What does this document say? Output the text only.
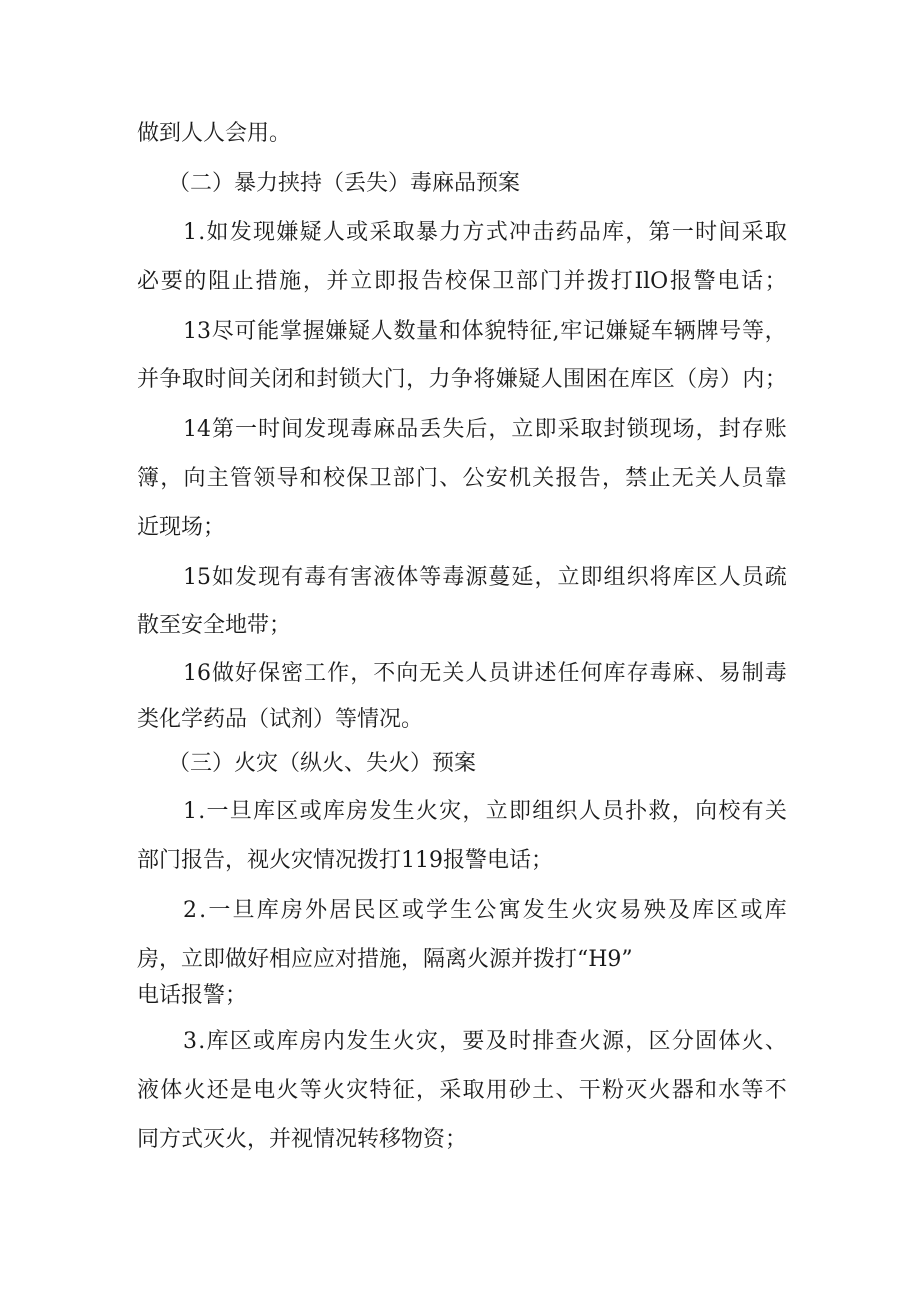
做到人人会用。

（二）暴力挟持（丢失）毒麻品预案

1 . 如 发 现 嫌 疑 人 或 采 取 暴 力 方 式 冲 击 药 品 库 ， 第 一 时 间 采 取

必 要 的 阻 止 措 施 ， 并 立 即 报 告 校 保 卫 部 门 并 拨 打 IlO 报 警 电 话 ；

13 尽 可 能 掌 握 嫌 疑 人 数 量 和 体 貌 特 征 , 牢 记 嫌 疑 车 辆 牌 号 等 ，

并 争 取 时 间 关 闭 和 封 锁 大 门 ， 力 争 将 嫌 疑 人 围 困 在 库 区 （ 房 ） 内 ；

14 第 一 时 间 发 现 毒 麻 品 丢 失 后 ， 立 即 采 取 封 锁 现 场 ， 封 存 账

簿 ， 向 主 管 领 导 和 校 保 卫 部 门 、 公 安 机 关 报 告 ， 禁 止 无 关 人 员 靠

近现场；

15 如 发 现 有 毒 有 害 液 体 等 毒 源 蔓 延 ， 立 即 组 织 将 库 区 人 员 疏

散至安全地带；

16 做 好 保 密 工 作 ， 不 向 无 关 人 员 讲 述 任 何 库 存 毒 麻 、 易 制 毒

类化学药品（试剂）等情况。

（三）火灾（纵火、失火）预案

1 . 一 旦 库 区 或 库 房 发 生 火 灾 ， 立 即 组 织 人 员 扑 救 ， 向 校 有 关

部门报告，视火灾情况拨打119报警电话；

2 . 一 旦 库 房 外 居 民 区 或 学 生 公 寓 发 生 火 灾 易 殃 及 库 区 或 库

房，立即做好相应应对措施，隔离火源并拨打“H9”

电话报警；

3 . 库 区 或 库 房 内 发 生 火 灾 ， 要 及 时 排 查 火 源 ， 区 分 固 体 火 、

液 体 火 还 是 电 火 等 火 灾 特 征 ， 采 取 用 砂 土 、 干 粉 灭 火 器 和 水 等 不

同方式灭火，并视情况转移物资；
